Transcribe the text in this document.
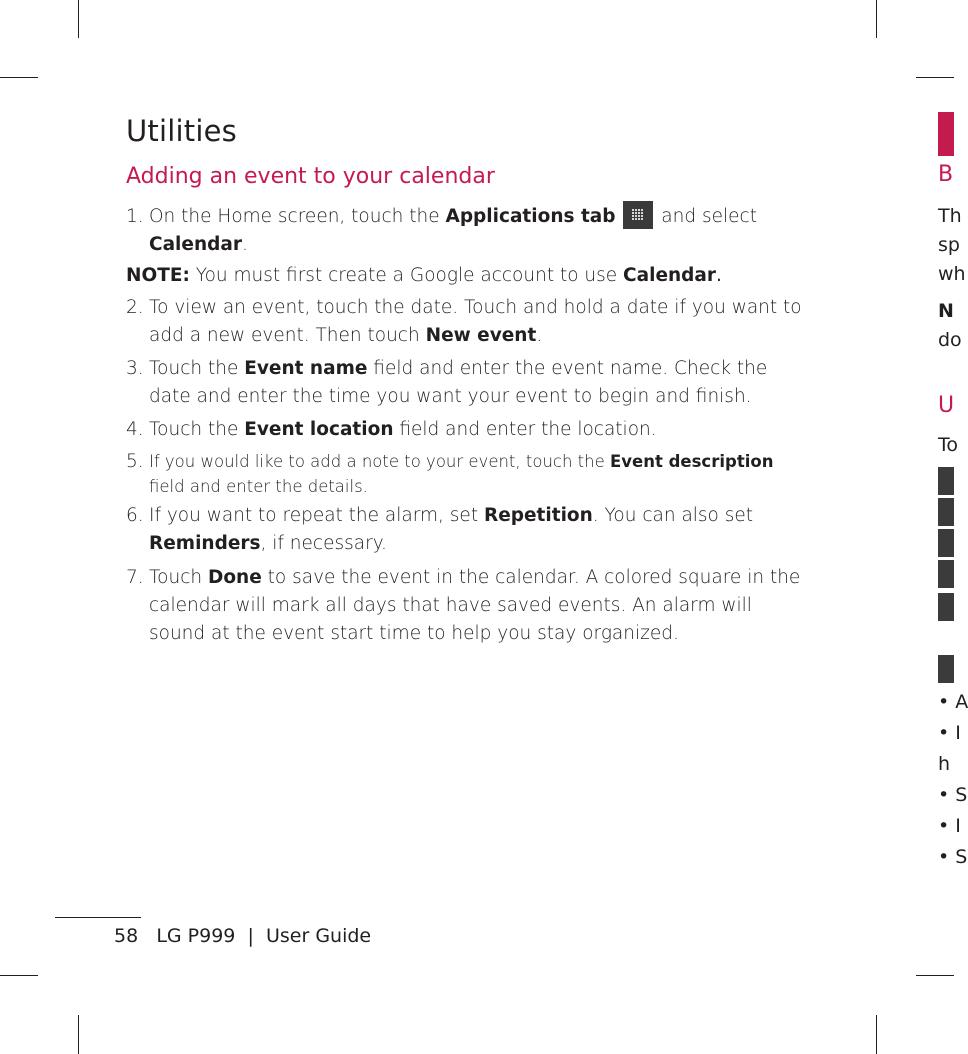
Utilities
Adding an event to your calendar

1. On the Home screen, touch the Applications tab  and select Calendar.

NOTE: You must first create a Google account to use Calendar.

2. To view an event, touch the date. Touch and hold a date if you want to add a new event. Then touch New event.

3. Touch the Event name field and enter the event name. Check the date and enter the time you want your event to begin and finish.

4. Touch the Event location field and enter the location.

5. If you would like to add a note to your event, touch the Event description field and enter the details.

6. If you want to repeat the alarm, set Repetition. You can also set Reminders, if necessary.

7. Touch Done to save the event in the calendar. A colored square in the calendar will mark all days that have saved events. An alarm will sound at the event start time to help you stay organized.

58 LG P999 | User Guide
B
Th
sp
wh
N
do
U
To
• A
• I
h
• S
• I
• S
